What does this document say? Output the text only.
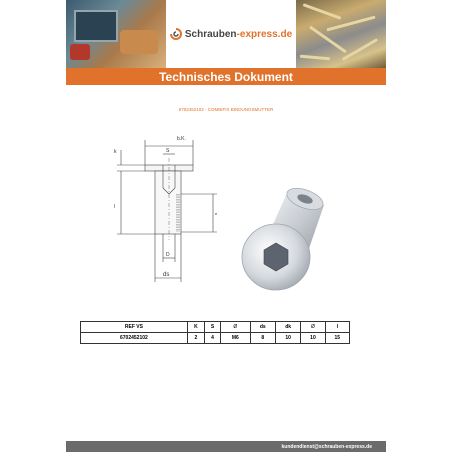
Schrauben-express.de
Technisches Dokument
6702452102 - COMBIFIX BINDUNGSMUTTER
b.K.
S
k
l
e
D
ds
REF VS	K	S	Ø	ds	dk	Ø	l
6702452102	2	4	M6	8	10	10	15
kundendienst@schrauben-express.de
